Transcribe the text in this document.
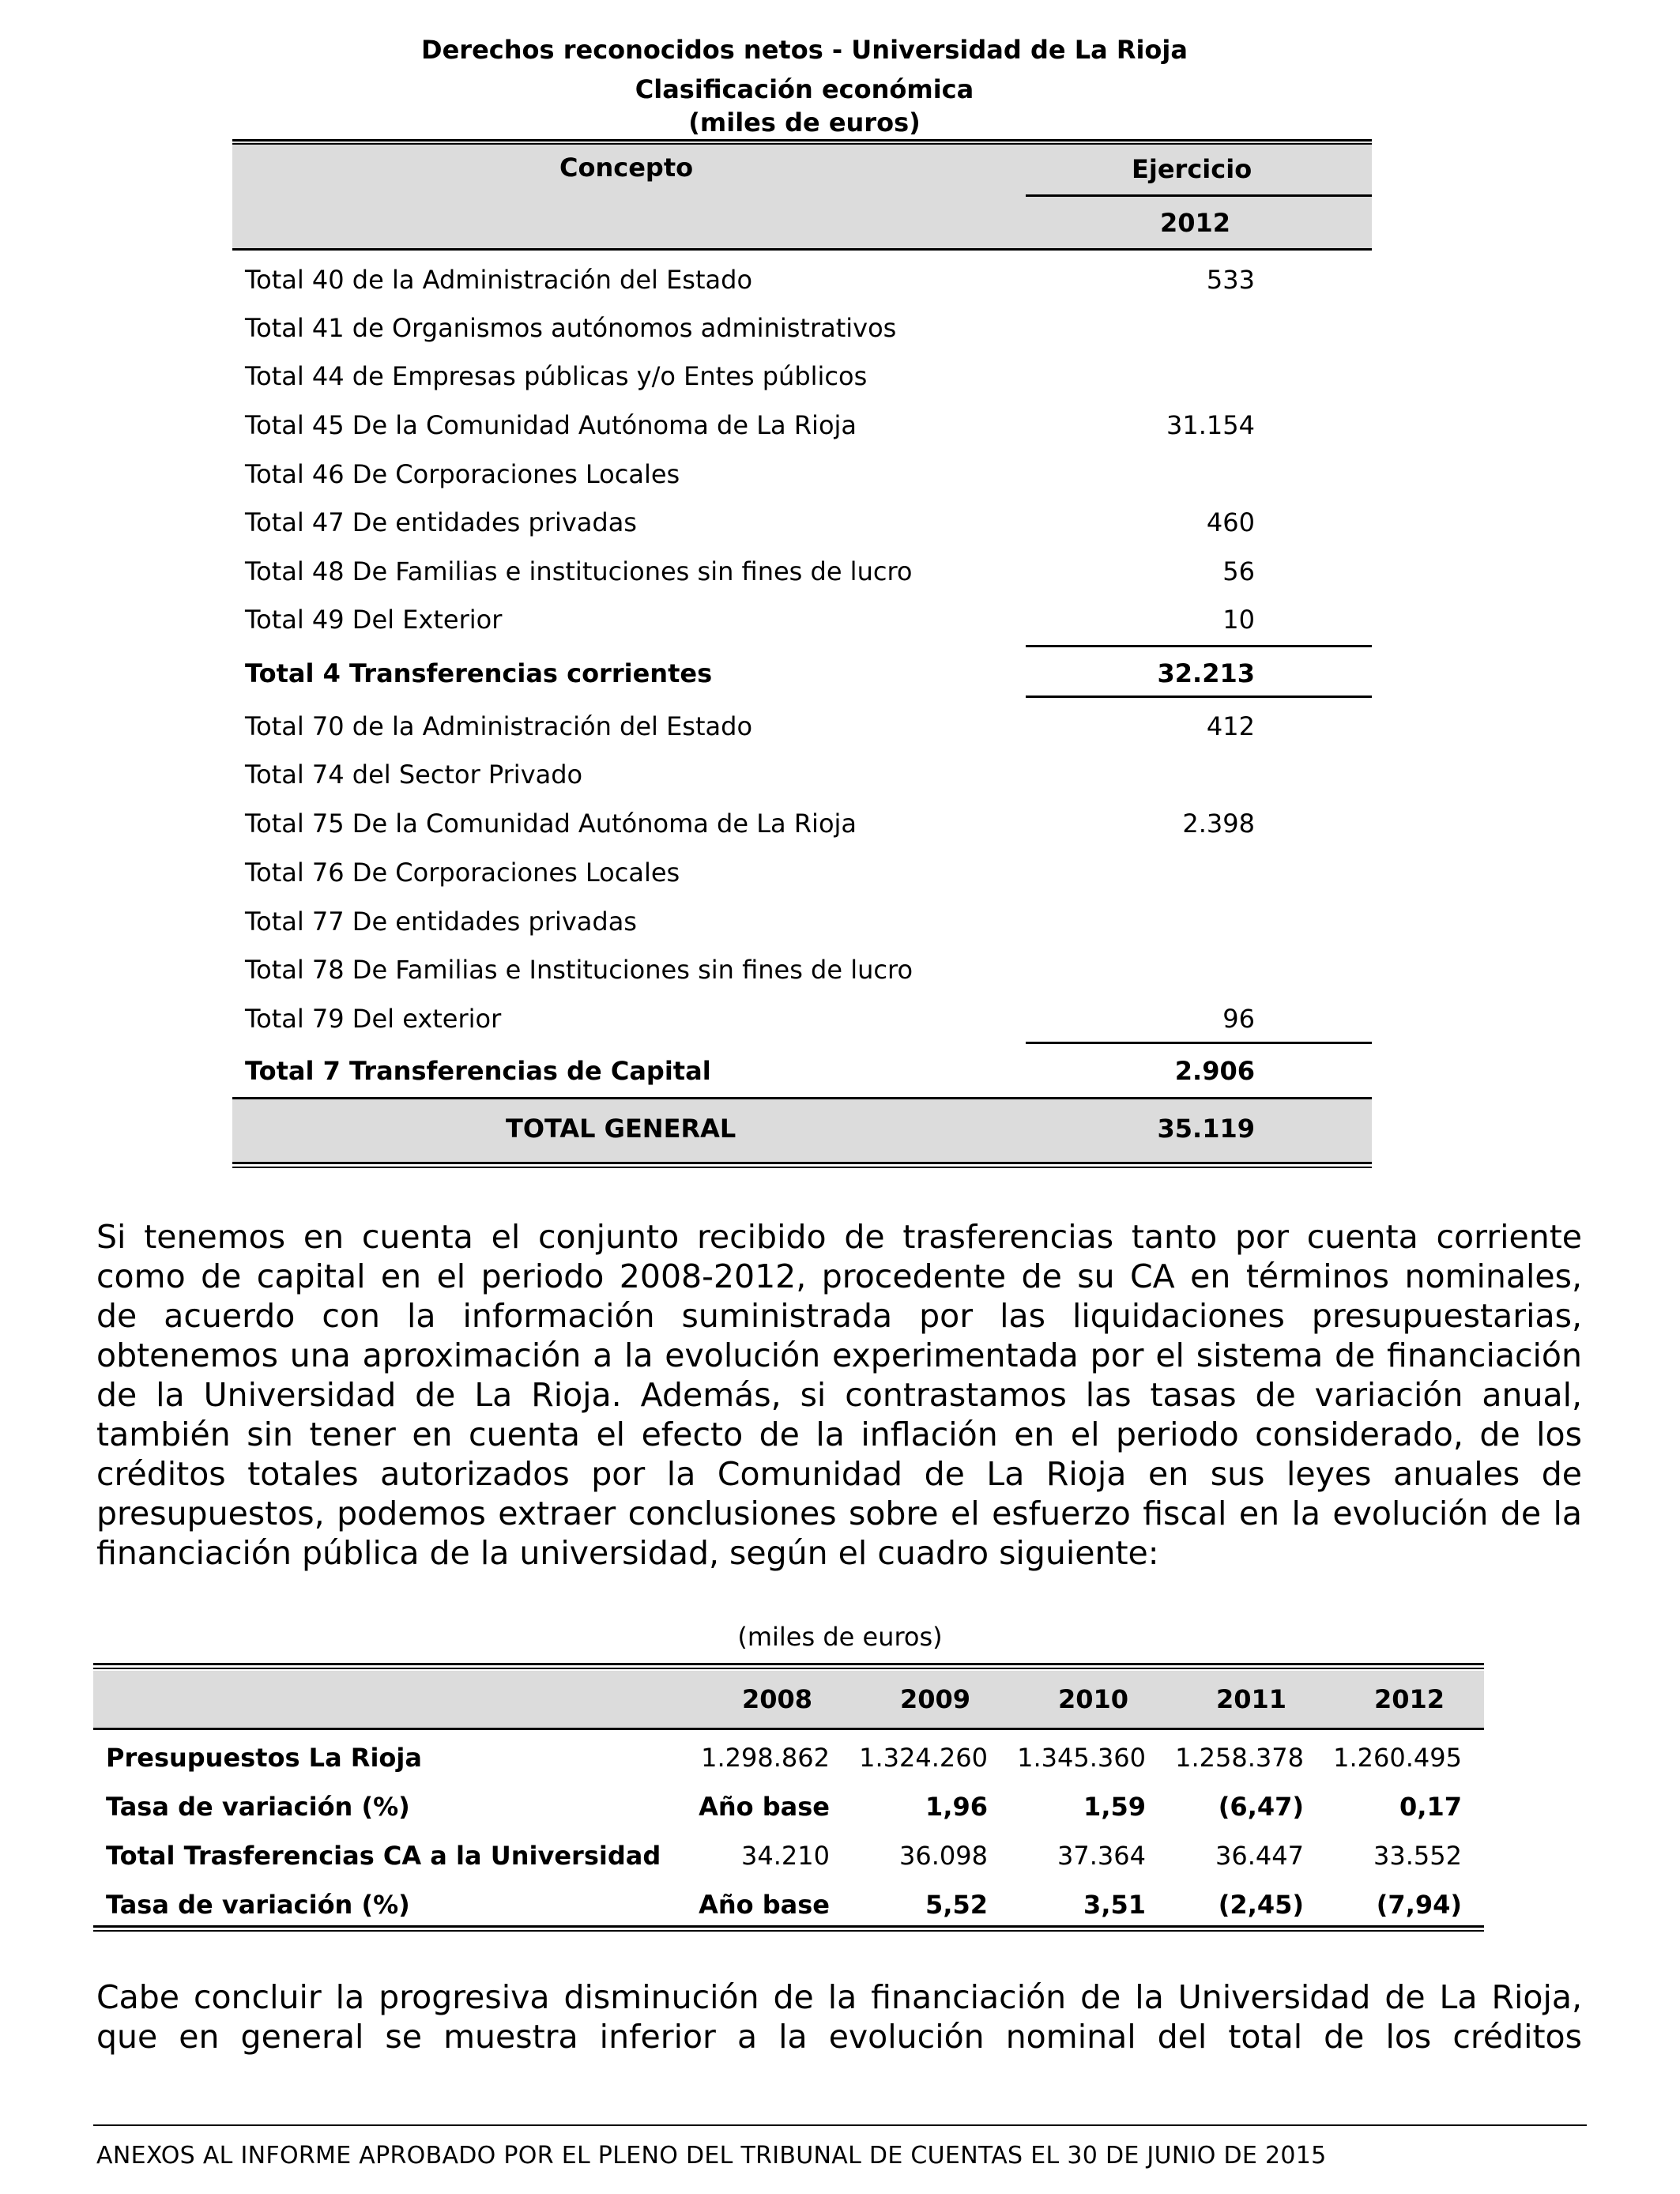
Derechos reconocidos netos - Universidad de La Rioja
Clasificación económica
(miles de euros)
Concepto	Ejercicio
2012
Total 40 de la Administración del Estado	533
Total 41 de Organismos autónomos administrativos
Total 44 de Empresas públicas y/o Entes públicos
Total 45 De la Comunidad Autónoma de La Rioja	31.154
Total 46 De Corporaciones Locales
Total 47 De entidades privadas	460
Total 48 De Familias e instituciones sin fines de lucro	56
Total 49 Del Exterior	10
Total 4 Transferencias corrientes	32.213
Total 70 de la Administración del Estado	412
Total 74 del Sector Privado
Total 75 De la Comunidad Autónoma de La Rioja	2.398
Total 76 De Corporaciones Locales
Total 77 De entidades privadas
Total 78 De Familias e Instituciones sin fines de lucro
Total 79 Del exterior	96
Total 7 Transferencias de Capital	2.906
TOTAL GENERAL	35.119
Si tenemos en cuenta el conjunto recibido de trasferencias tanto por cuenta corriente
como de capital en el periodo 2008-2012, procedente de su CA en términos nominales,
de acuerdo con la información suministrada por las liquidaciones presupuestarias,
obtenemos una aproximación a la evolución experimentada por el sistema de financiación
de la Universidad de La Rioja. Además, si contrastamos las tasas de variación anual,
también sin tener en cuenta el efecto de la inflación en el periodo considerado, de los
créditos totales autorizados por la Comunidad de La Rioja en sus leyes anuales de
presupuestos, podemos extraer conclusiones sobre el esfuerzo fiscal en la evolución de la
financiación pública de la universidad, según el cuadro siguiente:
(miles de euros)
2008	2009	2010	2011	2012
Presupuestos La Rioja	1.298.862 1.324.260 1.345.360 1.258.378 1.260.495
Tasa de variación (%)	Año base	1,96	1,59	(6,47)	0,17
Total Trasferencias CA a la Universidad	34.210	36.098	37.364	36.447	33.552
Tasa de variación (%)	Año base	5,52	3,51	(2,45)	(7,94)
Cabe concluir la progresiva disminución de la financiación de la Universidad de La Rioja,
que en general se muestra inferior a la evolución nominal del total de los créditos
ANEXOS AL INFORME APROBADO POR EL PLENO DEL TRIBUNAL DE CUENTAS EL 30 DE JUNIO DE 2015
